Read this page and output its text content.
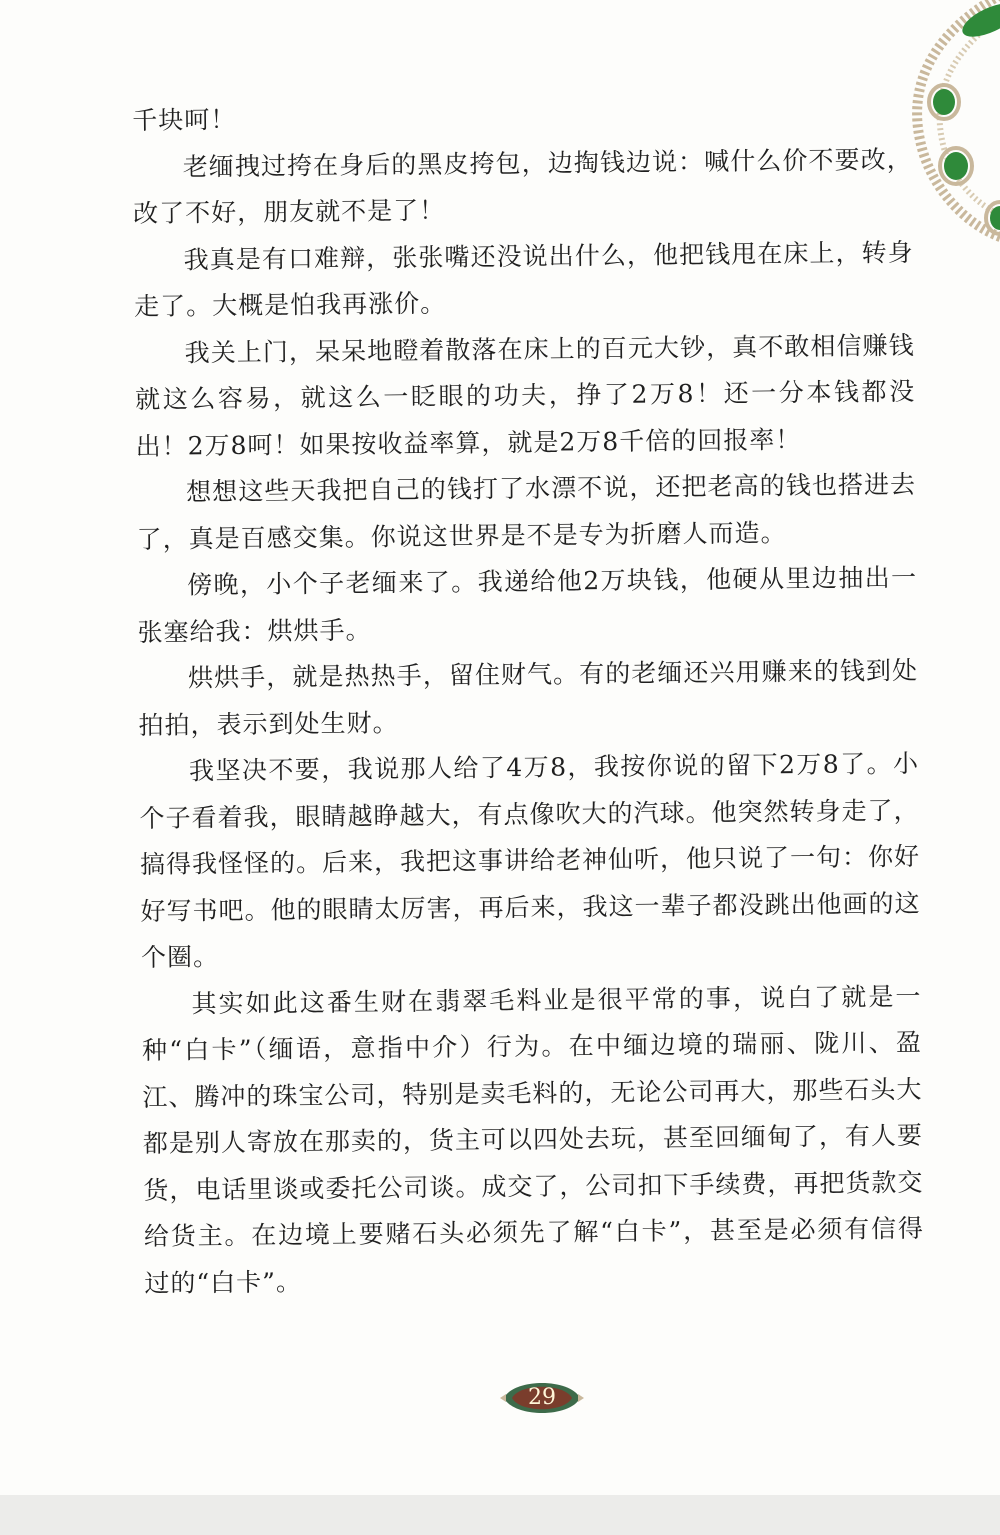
千块呵！

老缅拽过挎在身后的黑皮挎包，边掏钱边说：喊什么价不要改，改了不好，朋友就不是了！

我真是有口难辩，张张嘴还没说出什么，他把钱甩在床上，转身走了。大概是怕我再涨价。

我关上门，呆呆地瞪着散落在床上的百元大钞，真不敢相信赚钱就这么容易，就这么一眨眼的功夫，挣了2万8！还一分本钱都没出！2万8呵！如果按收益率算，就是2万8千倍的回报率！

想想这些天我把自己的钱打了水漂不说，还把老高的钱也搭进去了，真是百感交集。你说这世界是不是专为折磨人而造。

傍晚，小个子老缅来了。我递给他2万块钱，他硬从里边抽出一张塞给我：烘烘手。

烘烘手，就是热热手，留住财气。有的老缅还兴用赚来的钱到处拍拍，表示到处生财。

我坚决不要，我说那人给了4万8，我按你说的留下2万8了。小个子看着我，眼睛越睁越大，有点像吹大的汽球。他突然转身走了，搞得我怪怪的。后来，我把这事讲给老神仙听，他只说了一句：你好好写书吧。他的眼睛太厉害，再后来，我这一辈子都没跳出他画的这个圈。

其实如此这番生财在翡翠毛料业是很平常的事，说白了就是一种“白卡”（缅语，意指中介）行为。在中缅边境的瑞丽、陇川、盈江、腾冲的珠宝公司，特别是卖毛料的，无论公司再大，那些石头大都是别人寄放在那卖的，货主可以四处去玩，甚至回缅甸了，有人要货，电话里谈或委托公司谈。成交了，公司扣下手续费，再把货款交给货主。在边境上要赌石头必须先了解“白卡”，甚至是必须有信得过的“白卡”。

29
